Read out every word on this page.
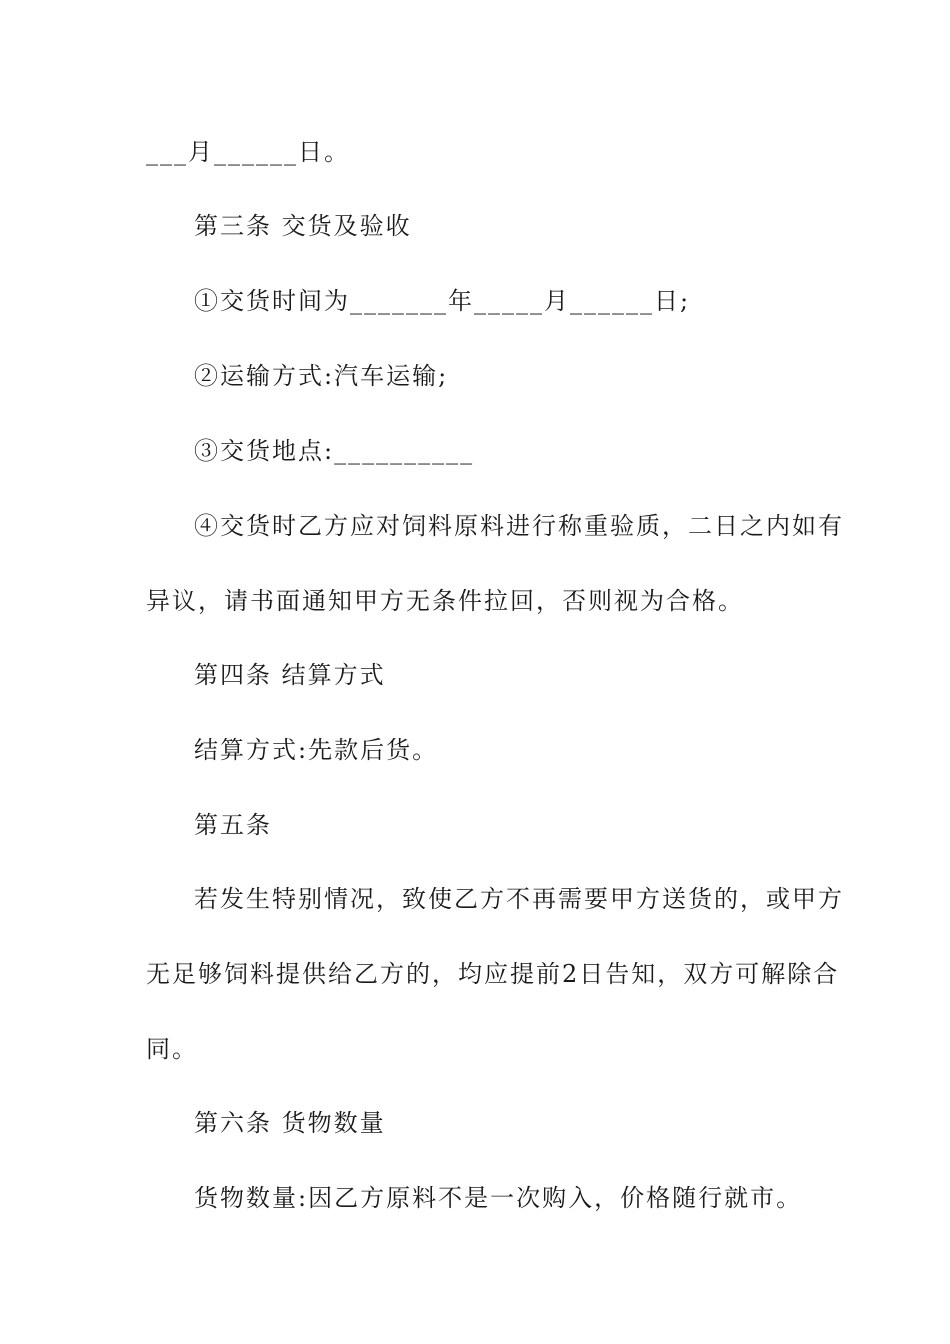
___月______日。
第三条 交货及验收
①交货时间为_______年_____月______日;
②运输方式:汽车运输;
③交货地点:__________
④交货时乙方应对饲料原料进行称重验质，二日之内如有
异议，请书面通知甲方无条件拉回，否则视为合格。
第四条 结算方式
结算方式:先款后货。
第五条
若发生特别情况，致使乙方不再需要甲方送货的，或甲方
无足够饲料提供给乙方的，均应提前2日告知，双方可解除合
同。
第六条 货物数量
货物数量:因乙方原料不是一次购入，价格随行就市。
